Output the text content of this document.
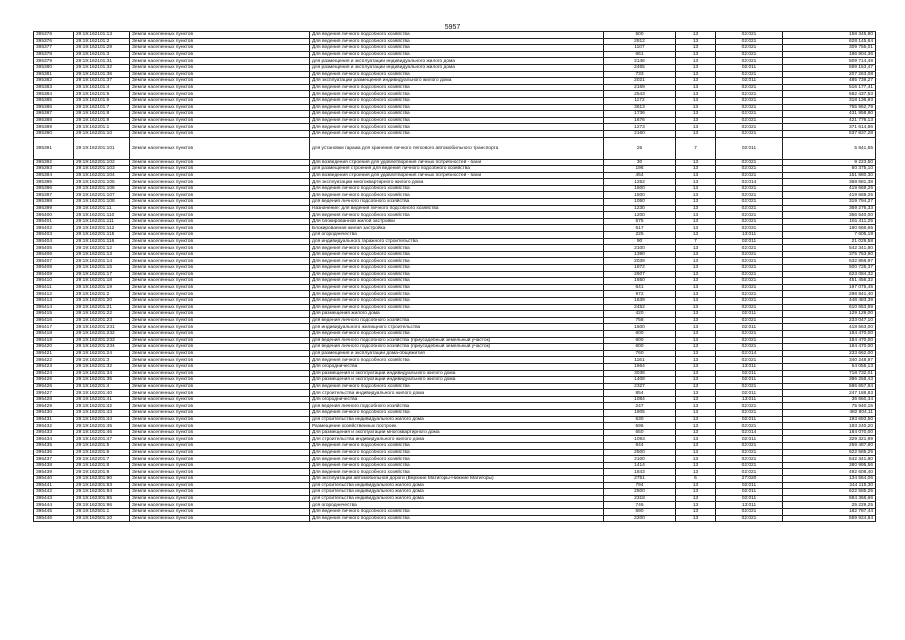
5957
395376	29:19:162101:13	Земли населенных пунктов	Для ведения личного подсобного хозяйства	500	13	02:021	158 345,80
395376	29:19:162101:2	Земли населенных пунктов	Для ведения личного подсобного хозяйства	2812	13	02:021	628 145,64
395377	29:19:162101:29	Земли населенных пунктов	Для ведения личного подсобного хозяйства	1107	13	02:021	309 755,01
395378	29:19:162101:3	Земли населенных пунктов	Для ведения личного подсобного хозяйства	661	13	02:021	186 904,36
395379	29:19:162101:31	Земли населенных пунктов	для размещения и эксплуатации индивидуального жилого дома	2146	13	02:021	509 714,49
395380	29:19:162101:32	Земли населенных пунктов	для размещения и эксплуатации индивидуального жилого дома	2465	13	02:011	569 153,47
395381	29:19:162101:36	Земли населенных пунктов	Для ведения личного подсобного хозяйства	733	13	02:021	207 263,08
395382	29:19:162101:37	Земли населенных пунктов	Для эксплуатации размещения индивидуального жилого дома	2021	13	02:011	485 739,27
395383	29:19:162101:4	Земли населенных пунктов	Для ведения личного подсобного хозяйства	2169	13	02:021	516 177,41
395384	29:19:162101:5	Земли населенных пунктов	Для ведения личного подсобного хозяйства	2543	13	02:021	582 437,53
395385	29:19:162101:6	Земли населенных пунктов	Для ведения личного подсобного хозяйства	1172	13	02:021	318 136,93
395386	29:19:162101:7	Земли населенных пунктов	Для ведения личного подсобного хозяйства	3613	13	02:021	755 952,79
395387	29:19:162101:8	Земли населенных пунктов	Для ведения личного подсобного хозяйства	1736	13	02:021	431 958,80
395388	29:19:162101:9	Земли населенных пунктов	Для ведения личного подсобного хозяйства	1676	13	02:021	421 776,13
395389	29:19:162201:1	Земли населенных пунктов	Для ведения личного подсобного хозяйства	1273	13	02:021	371 614,86
395390	29:19:162201:10	Земли населенных пунктов	Для ведения личного подсобного хозяйства	2160	13	02:021	537 837,28
395391	29:19:162201:101	Земли населенных пунктов	для установки гаража для хранения личного легкового автомобильного транспорта	25	7	02:011	5 841,55
395392	29:19:162201:102	Земли населенных пунктов	Для возведения строения для удовлетворения личных потребностей - бани	30	13	02:021	9 223,50
395393	29:19:162201:103	Земли населенных пунктов	для размещения строения для ведения личного подсобного хозяйства	196	13	02:021	60 375,10
395394	29:19:162201:104	Земли населенных пунктов	Для возведения строения для удовлетворения личных потребностей - бани	454	13	02:021	151 880,30
395395	29:19:162201:105	Земли населенных пунктов	Для эксплуатации многоквартирного жилого дома	1252	13	02:014	368 681,38
395396	29:19:162201:106	Земли населенных пунктов	Для ведения личного подсобного хозяйства	1500	13	02:021	419 669,25
395397	29:19:162201:107	Земли населенных пунктов	Для ведения личного подсобного хозяйства	1500	13	02:021	419 669,25
395398	29:19:162201:108	Земли населенных пунктов	для ведения личного подсобного хозяйства	1050	13	02:021	319 794,27
395399	29:19:162201:11	Земли населенных пунктов	Назначение: для ведения личного подсобного хозяйства	1230	13	02:021	369 276,33
395400	29:19:162201:110	Земли населенных пунктов	Для ведения личного подсобного хозяйства	1200	13	02:021	356 540,00
395401	29:19:162201:111	Земли населенных пунктов	Для блокированной жилой застройки	575	13	02:021	161 411,25
395402	29:19:162201:112	Земли населенных пунктов	Блокированная жилая застройка	617	13	02:031	180 666,65
395403	29:19:162201:115	Земли населенных пунктов	для огородничества	225	13	13:011	7 605,19
395404	29:19:162201:116	Земли населенных пунктов	для индивидуального гаражного строительства	90	7	02:011	21 029,58
395405	29:19:162201:12	Земли населенных пунктов	Для ведения личного подсобного хозяйства	2100	13	02:021	542 341,80
395406	29:19:162201:13	Земли населенных пунктов	Для ведения личного подсобного хозяйства	1390	13	02:021	375 753,90
395407	29:19:162201:14	Земли населенных пунктов	Для ведения личного подсобного хозяйства	2039	13	02:021	532 856,97
395408	29:19:162201:15	Земли населенных пунктов	Для ведения личного подсобного хозяйства	1872	13	02:021	500 725,37
395409	29:19:162201:17	Земли населенных пунктов	Для ведения личного подсобного хозяйства	2607	13	02:021	623 084,32
395410	29:19:162201:18	Земли населенных пунктов	Для ведения личного подсобного хозяйства	1650	13	02:021	451 456,32
395411	29:19:162201:19	Земли населенных пунктов	Для ведения личного подсобного хозяйства	641	13	02:021	197 075,45
395412	29:19:162201:2	Земли населенных пунктов	Для ведения личного подсобного хозяйства	972	13	02:021	298 841,40
395413	29:19:162201:20	Земли населенных пунктов	Для ведения личного подсобного хозяйства	1639	13	02:021	448 483,39
395414	29:19:162201:21	Земли населенных пунктов	Для ведения личного подсобного хозяйства	2452	13	02:021	610 653,59
395415	29:19:162201:22	Земли населенных пунктов	Для размещения жилого дома	420	13	02:011	129 129,00
395416	29:19:162201:23	Земли населенных пунктов	для ведения личного подсобного хозяйства	758	13	02:021	233 047,10
395417	29:19:162201:231	Земли населенных пунктов	для индивидуального жилищного строительства	1500	13	02:011	418 563,00
395418	29:19:162201:232	Земли населенных пунктов	Для ведения личного подсобного хозяйства	600	13	02:021	184 470,00
395419	29:19:162201:233	Земли населенных пунктов	для ведения личного подсобного хозяйства (приусадебный земельный участок)	600	13	02:021	184 470,00
395420	29:19:162201:234	Земли населенных пунктов	для ведения личного подсобного хозяйства (приусадебный земельный участок)	600	13	02:021	184 470,00
395421	29:19:162201:24	Земли населенных пунктов	для размещения и эксплуатации дома-общежития	760	13	02:014	233 662,00
395422	29:19:162201:3	Земли населенных пунктов	Для ведения личного подсобного хозяйства	1161	13	02:021	340 248,97
395423	29:19:162201:32	Земли населенных пунктов	Для огородничества	1664	13	13:011	54 055,13
395424	29:19:162201:34	Земли населенных пунктов	Для размещения и эксплуатации индивидуального жилого дома	3036	13	02:011	718 732,01
395426	29:19:162201:36	Земли населенных пунктов	Для размещения и эксплуатации индивидуального жилого дома	1408	13	02:011	386 258,43
395426	29:19:162201:4	Земли населенных пунктов	Для ведения личного подсобного хозяйства	2327	13	02:021	586 657,84
395427	29:19:162201:40	Земли населенных пунктов	Для строительства индивидуального жилого дома	854	13	02:011	247 188,83
395428	29:19:162201:41	Земли населенных пунктов	Для огородничества	1084	13	13:011	36 660,34
395429	29:19:162201:42	Земли населенных пунктов	для ведения личного подсобного хозяйства	247	13	02:021	75 940,15
395430	29:19:162201:43	Земли населенных пунктов	Для ведения личного подсобного хозяйства	1805	13	02:021	482 804,11
395431	29:19:162201:44	Земли населенных пунктов	для строительства индивидуального жилого дома	630	13	02:011	193 693,50
395432	29:19:162201:45	Земли населенных пунктов	Размещение хозяйственных построек	596	13	02:021	183 240,20
395433	29:19:162201:46	Земли населенных пунктов	Для размещения и эксплуатации многоквартирного дома	650	13	02:014	184 070,00
395434	29:19:162201:47	Земли населенных пунктов	Для строительства индивидуального жилого дома	1093	13	02:011	329 321,99
395435	29:19:162201:5	Земли населенных пунктов	Для ведения личного подсобного хозяйства	844	13	02:021	259 487,80
395436	29:19:162201:6	Земли населенных пунктов	Для ведения личного подсобного хозяйства	2500	13	02:021	622 585,25
395437	29:19:162201:7	Земли населенных пунктов	Для ведения личного подсобного хозяйства	2100	13	02:021	542 341,80
395438	29:19:162201:8	Земли населенных пунктов	Для ведения личного подсобного хозяйства	1414	13	02:021	380 995,56
395439	29:19:162201:9	Земли населенных пунктов	Для ведения личного подсобного хозяйства	1843	13	02:021	492 608,40
395440	29:19:162301:90	Земли населенных пунктов	Для эксплуатации автомобильной дороги (Верхние Матигоры-Нижние Матигоры)	2751	6	27:020	134 564,06
395441	29:19:162301:93	Земли населенных пунктов	для строительства индивидуального жилого дома	794	13	02:011	244 115,30
395442	29:19:162301:94	Земли населенных пунктов	для строительства индивидуального жилого дома	2500	13	02:011	622 585,25
395443	29:19:162301:95	Земли населенных пунктов	для строительства индивидуального жилого дома	2318	13	02:011	584 366,66
395444	29:19:162301:96	Земли населенных пунктов	для огородничества	746	13	13:011	25 229,25
395445	29:19:162501:1	Земли населенных пунктов	Для ведения личного подсобного хозяйства	590	13	02:021	182 787,44
395446	29:19:162501:10	Земли населенных пунктов	Для ведения личного подсобного хозяйства	2200	13	02:021	559 924,84
